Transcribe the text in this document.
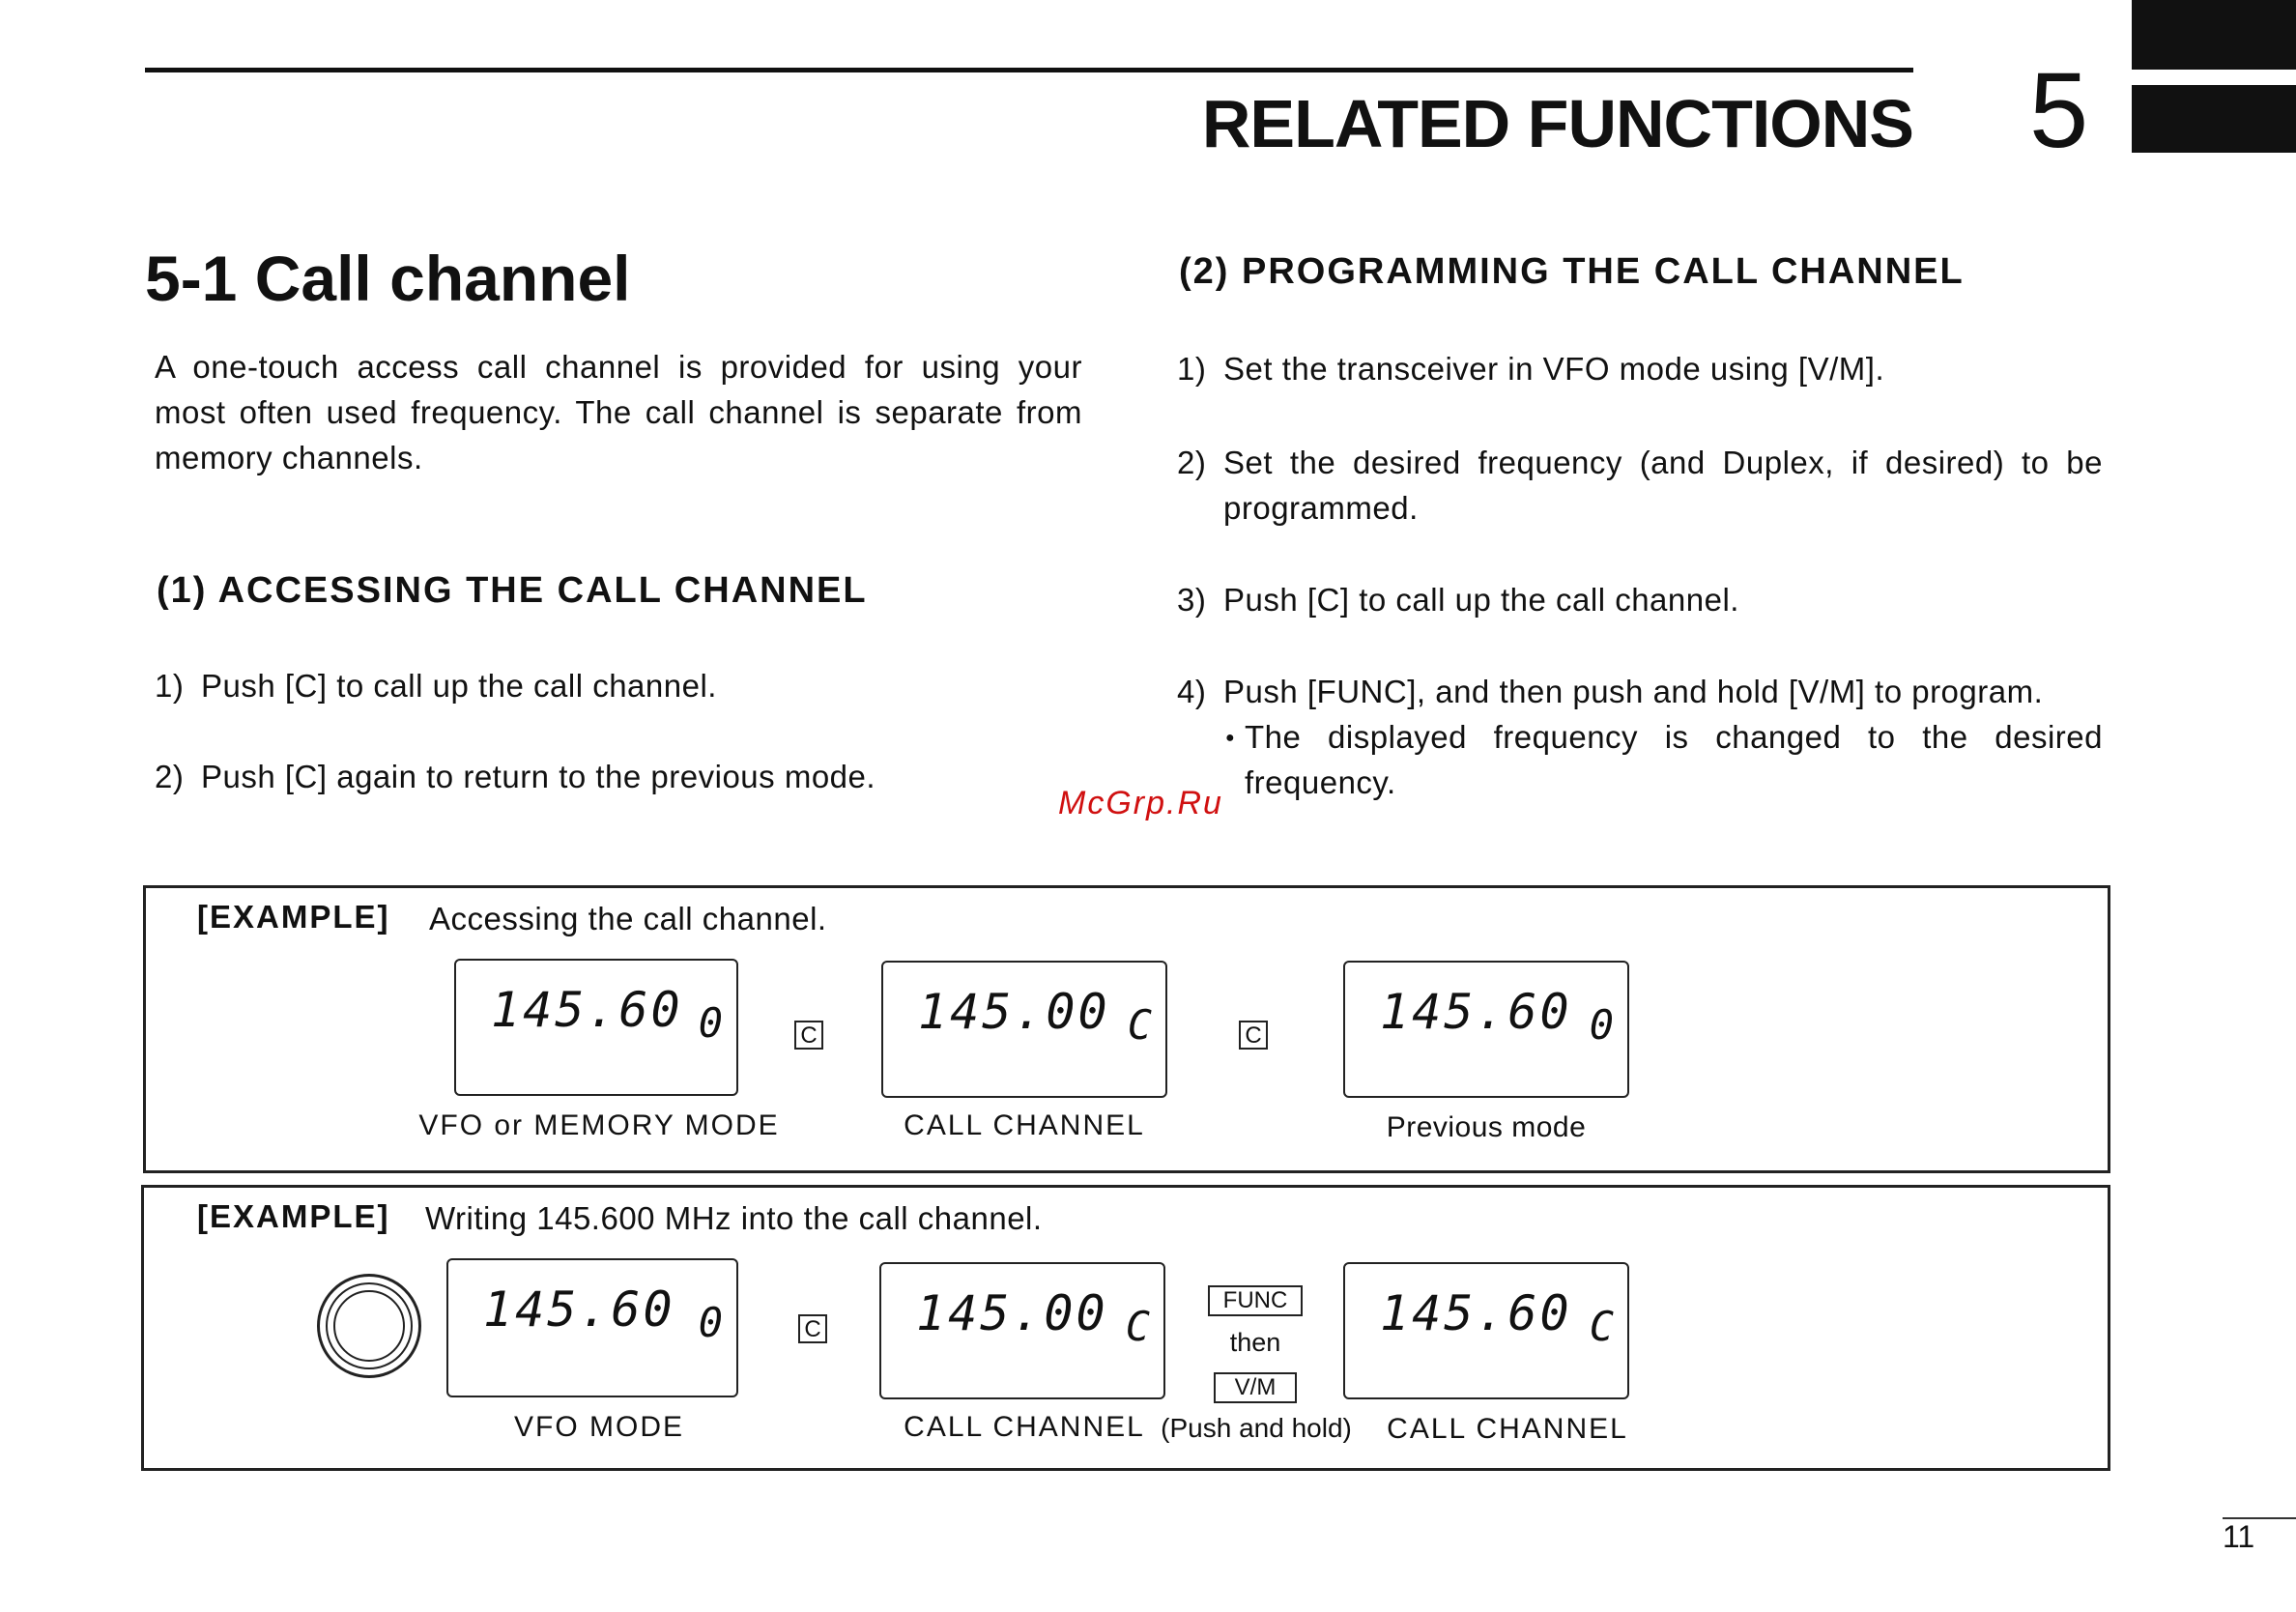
RELATED FUNCTIONS 5
5-1 Call channel
A one-touch access call channel is provided for using your most often used frequency. The call channel is separate from memory channels.
(1) ACCESSING THE CALL CHANNEL
1) Push [C] to call up the call channel.
2) Push [C] again to return to the previous mode.
(2) PROGRAMMING THE CALL CHANNEL
1) Set the transceiver in VFO mode using [V/M].
2) Set the desired frequency (and Duplex, if desired) to be programmed.
3) Push [C] to call up the call channel.
4) Push [FUNC], and then push and hold [V/M] to program.
● The displayed frequency is changed to the desired frequency.
McGrp.Ru
[EXAMPLE] Accessing the call channel.
145.60 0
VFO or MEMORY MODE
C 145.00 C
CALL CHANNEL
C 145.60 0
Previous mode
[EXAMPLE] Writing 145.600 MHz into the call channel.
145.60 0
VFO MODE
C 145.00 C
CALL CHANNEL
FUNC
then
V/M
(Push and hold)
145.60 C
CALL CHANNEL
11
